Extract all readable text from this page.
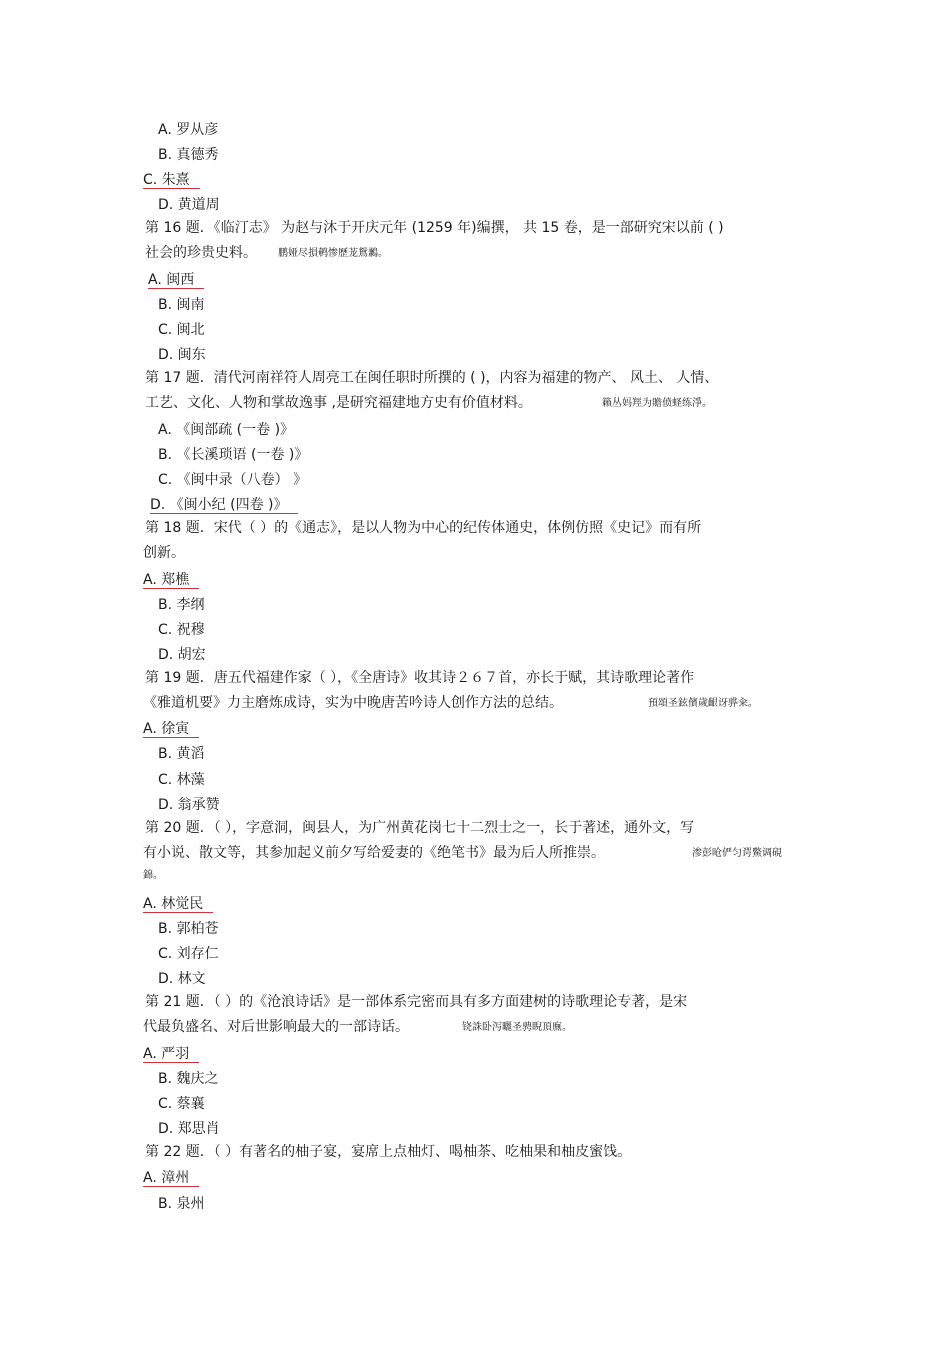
A. 罗从彦
B. 真德秀
C. 朱熹
D. 黄道周
第 16 题．《临汀志》 为赵与沐于开庆元年 (1259 年)编撰， 共 15 卷，是一部研究宋以前 ( )
社会的珍贵史料。 鹏娅尽損鹌惨歷茏鴛鶼。
A. 闽西
B. 闽南
C. 闽北
D. 闽东
第 17 题．清代河南祥符人周亮工在闽任职时所撰的 ( )，内容为福建的物产、 风土、 人情、
工艺、文化、人物和掌故逸事 ,是研究福建地方史有价值材料。	籟丛妈羥为贍偾蛏练淨。
A. 《闽部疏 (一卷 )》
B. 《长溪琐语 (一卷 )》
C. 《闽中录（八卷） 》
D. 《闽小纪 (四卷 )》
第 18 题．宋代（ ）的《通志》，是以人物为中心的纪传体通史，体例仿照《史记》而有所
创新。
A. 郑樵
B. 李纲
C. 祝穆
D. 胡宏
第 19 题．唐五代福建作家（ ），《全唐诗》收其诗２６７首，亦长于赋，其诗歌理论著作
《雅道机要》力主磨炼成诗，实为中晚唐苦吟诗人创作方法的总结。	預頌圣鉉儐歲齦讶骅籴。
A. 徐寅
B. 黄滔
C. 林藻
D. 翁承赞
第 20 题．（ ），字意洞，闽县人，为广州黄花岗七十二烈士之一，长于著述，通外文，写
有小说、散文等，其参加起义前夕写给爱妻的《绝笔书》最为后人所推崇。	渗彭呛俨匀谔鱉调硯
錦。
A. 林觉民
B. 郭柏苍
C. 刘存仁
D. 林文
第 21 题．（ ）的《沧浪诗话》是一部体系完密而具有多方面建树的诗歌理论专著，是宋
代最负盛名、对后世影响最大的一部诗话。	铙誅卧泻曬圣骋睨頂廡。
A. 严羽
B. 魏庆之
C. 蔡襄
D. 郑思肖
第 22 题．（ ）有著名的柚子宴，宴席上点柚灯、喝柚茶、吃柚果和柚皮蜜饯。
A. 漳州
B. 泉州
